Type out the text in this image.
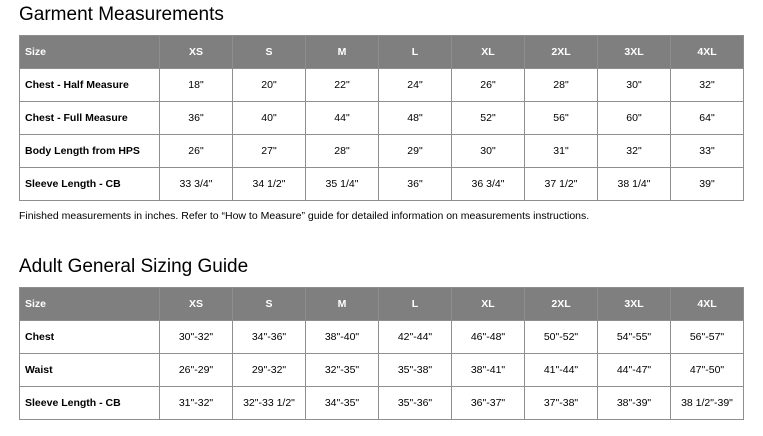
Garment Measurements
Size	XS	S	M	L	XL	2XL	3XL	4XL
Chest - Half Measure	18"	20"	22"	24"	26"	28"	30"	32"
Chest - Full Measure	36"	40"	44"	48"	52"	56"	60"	64"
Body Length from HPS	26"	27"	28"	29"	30"	31"	32"	33"
Sleeve Length - CB	33 3/4"	34 1/2"	35 1/4"	36"	36 3/4"	37 1/2"	38 1/4"	39"

Finished measurements in inches. Refer to “How to Measure” guide for detailed information on measurements instructions.

Adult General Sizing Guide
Size	XS	S	M	L	XL	2XL	3XL	4XL
Chest	30"-32"	34"-36"	38"-40"	42"-44"	46"-48"	50"-52"	54"-55"	56"-57"
Waist	26"-29"	29"-32"	32"-35"	35"-38"	38"-41"	41"-44"	44"-47"	47"-50"
Sleeve Length - CB	31"-32"	32"-33 1/2"	34"-35"	35"-36"	36"-37"	37"-38"	38"-39"	38 1/2"-39"
